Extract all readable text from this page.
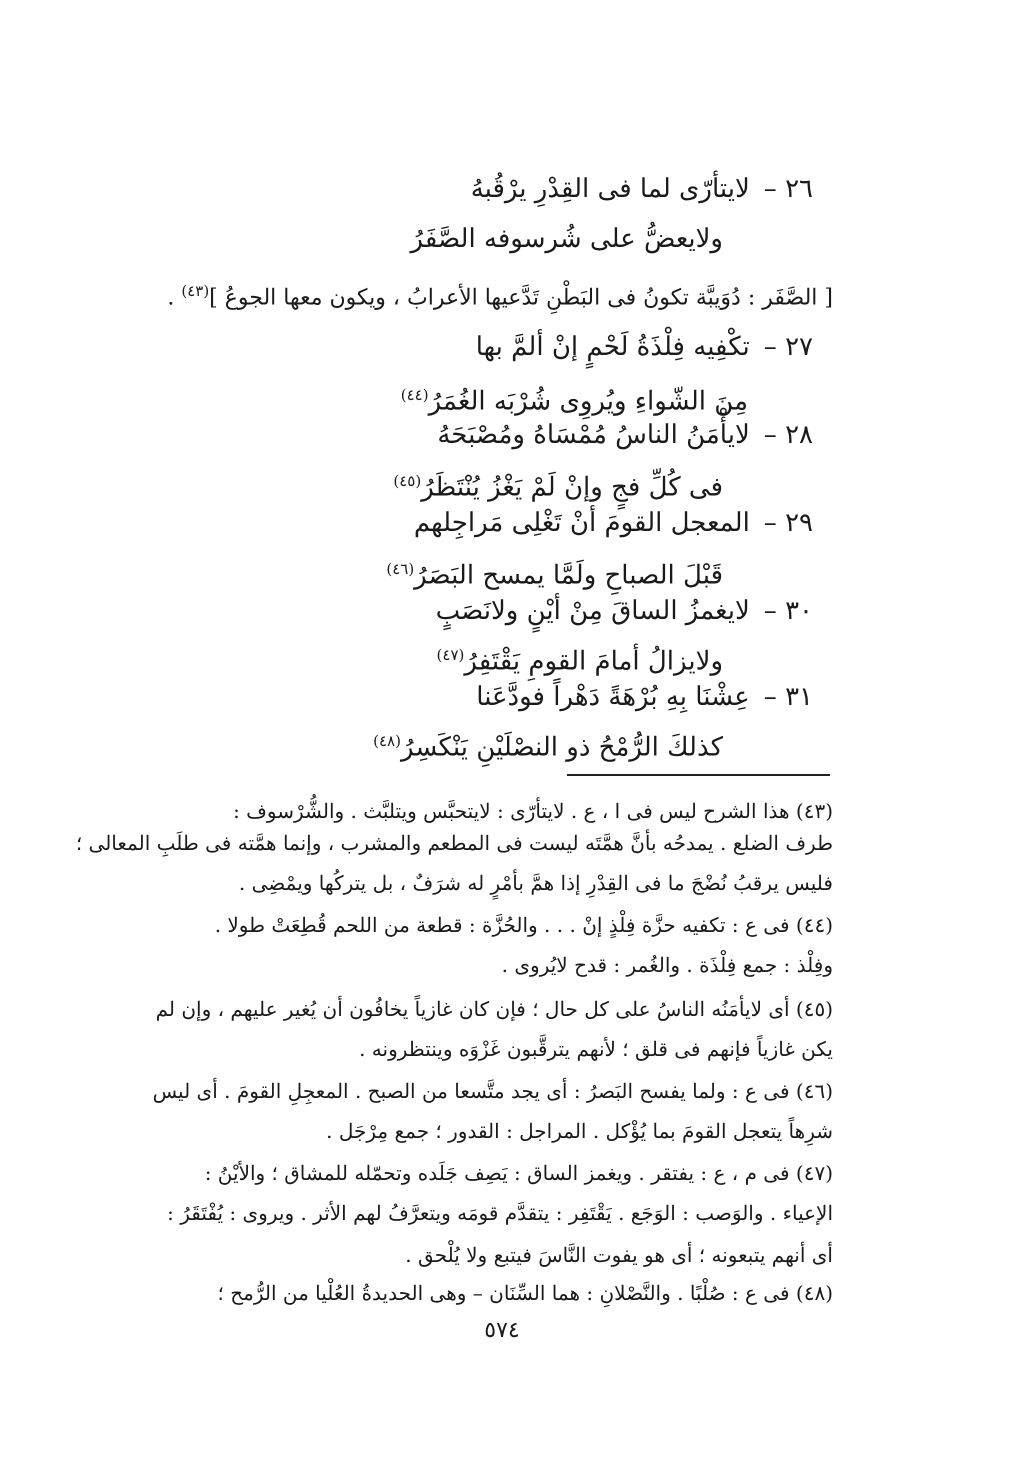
٢٦ –لايتأرّى لما فى القِدْرِ يرْقُبهُ
ولايعضُّ على شُرسوفه الصَّفَرُ
[ الصَّفَر : دُوَيبَّة تكونُ فى البَطْنِ تَدَّعيها الأعرابُ ، ويكون معها الجوعُ ]$^{(٤٣)}$ .
٢٧ –تكْفِيه فِلْذَةُ لَحْمٍ إنْ ألمَّ بها
مِنَ الشّواءِ ويُروِى شُرْبَه الغُمَرُ$^{(٤٤)}$
٢٨ –لايأْمَنُ الناسُ مُمْسَاهُ ومُصْبَحَهُ
فى كُلِّ فجٍ وإنْ لَمْ يَغْزُ يُنْتَظَرُ$^{(٤٥)}$
٢٩ –المعجل القومَ أنْ تَغْلِى مَراجِلهم
قَبْلَ الصباحِ ولَمَّا يمسح البَصَرُ$^{(٤٦)}$
٣٠ –لايغمزُ الساقَ مِنْ أيْنٍ ولانَصَبٍ
ولايزالُ أمامَ القومِ يَقْتَفِرُ$^{(٤٧)}$
٣١ –عِشْنَا بِهِ بُرْهَةً دَهْراً فودَّعَنا
كذلكَ الرُّمْحُ ذو النصْلَيْنِ يَنْكَسِرُ$^{(٤٨)}$
(٤٣) هذا الشرح ليس فى ا ، ع . لايتأرّى : لايتحبَّس ويتلبَّث . والشُّرْسوف :
طرف الضلع . يمدحُه بأنَّ همَّتَه ليست فى المطعم والمشرب ، وإنما همَّته فى طلَبِ المعالى ؛
فليس يرقبُ نُضْجَ ما فى القِدْرِ إذا همَّ بأمْرٍ له شرَفٌ ، بل يتركُها ويمْضِى .
(٤٤) فى ع : تكفيه حزَّة فِلْذٍ إنْ . . . والحُزَّة : قطعة من اللحم قُطِعَتْ طولا .
وفِلْذ : جمع فِلْذَة . والغُمر : قدح لايُروى .
(٤٥) أى لايأمَنُه الناسُ على كل حال ؛ فإن كان غازياً يخافُون أن يُغير عليهم ، وإن لم
يكن غازياً فإنهم فى قلق ؛ لأنهم يترقَّبون غَزْوَه وينتظرونه .
(٤٦) فى ع : ولما يفسح البَصرُ : أى يجد متَّسعا من الصبح . المعجِلِ القومَ . أى ليس
شرِهاً يتعجل القومَ بما يُؤْكل . المراجل : القدور ؛ جمع مِرْجَل .
(٤٧) فى م ، ع : يفتقر . ويغمز الساق : يَصِف جَلَده وتحمّله للمشاق ؛ والأيْنُ :
الإعياء . والوَصب : الوَجَع . يَقْتَفِر : يتقدَّم قومَه ويتعرَّفُ لهم الأثر . ويروى : يُفْتَقَرُ :
أى أنهم يتبعونه ؛ أى هو يفوت النَّاسَ فيتبع ولا يُلْحق .
(٤٨) فى ع : صُلْبًا . والنَّصْلانِ : هما السِّنَان – وهى الحديدةُ العُلْيا من الرُّمح ؛
٥٧٤
